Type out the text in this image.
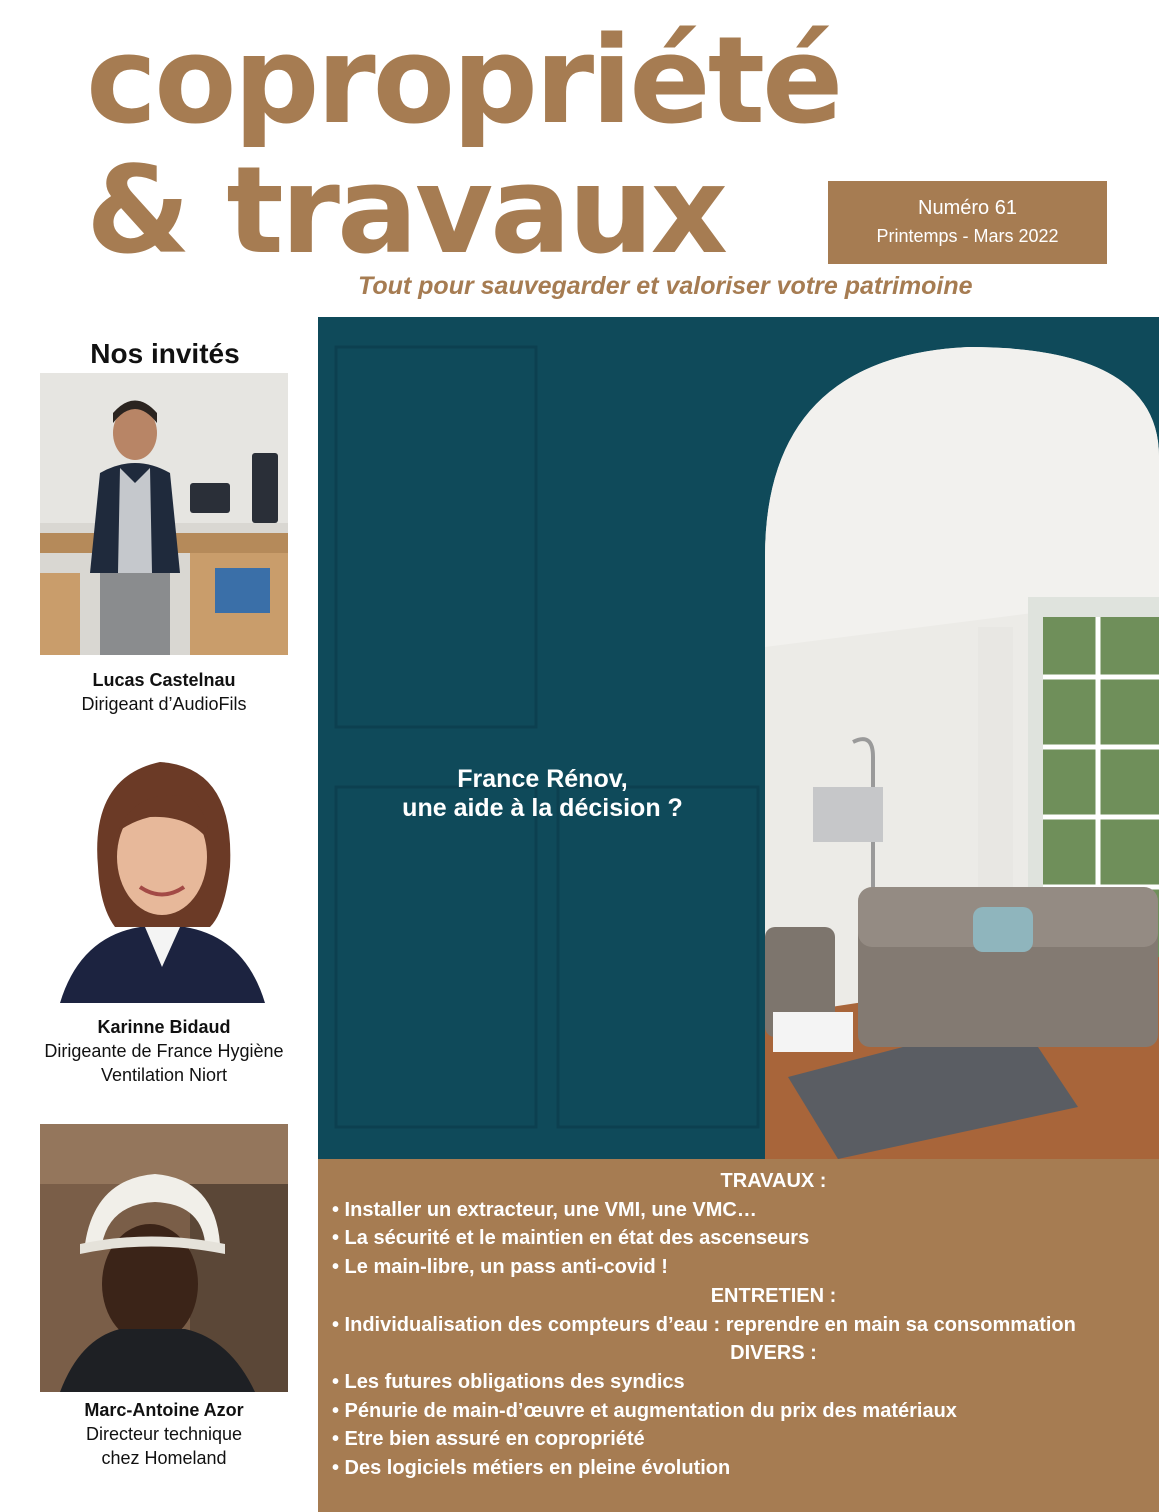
copropriété
& travaux	Numéro 61
Printemps - Mars 2022
Tout pour sauvegarder et valoriser votre patrimoine
Nos invités
Lucas Castelnau
Dirigeant d’AudioFils
Karinne Bidaud
Dirigeante de France Hygiène
Ventilation Niort
Marc-Antoine Azor
Directeur technique
chez Homeland
France Rénov,
une aide à la décision ?
TRAVAUX :
• Installer un extracteur, une VMI, une VMC…
• La sécurité et le maintien en état des ascenseurs
• Le main-libre, un pass anti-covid !
ENTRETIEN :
• Individualisation des compteurs d’eau : reprendre en main sa consommation
DIVERS :
• Les futures obligations des syndics
• Pénurie de main-d’œuvre et augmentation du prix des matériaux
• Etre bien assuré en copropriété
• Des logiciels métiers en pleine évolution
